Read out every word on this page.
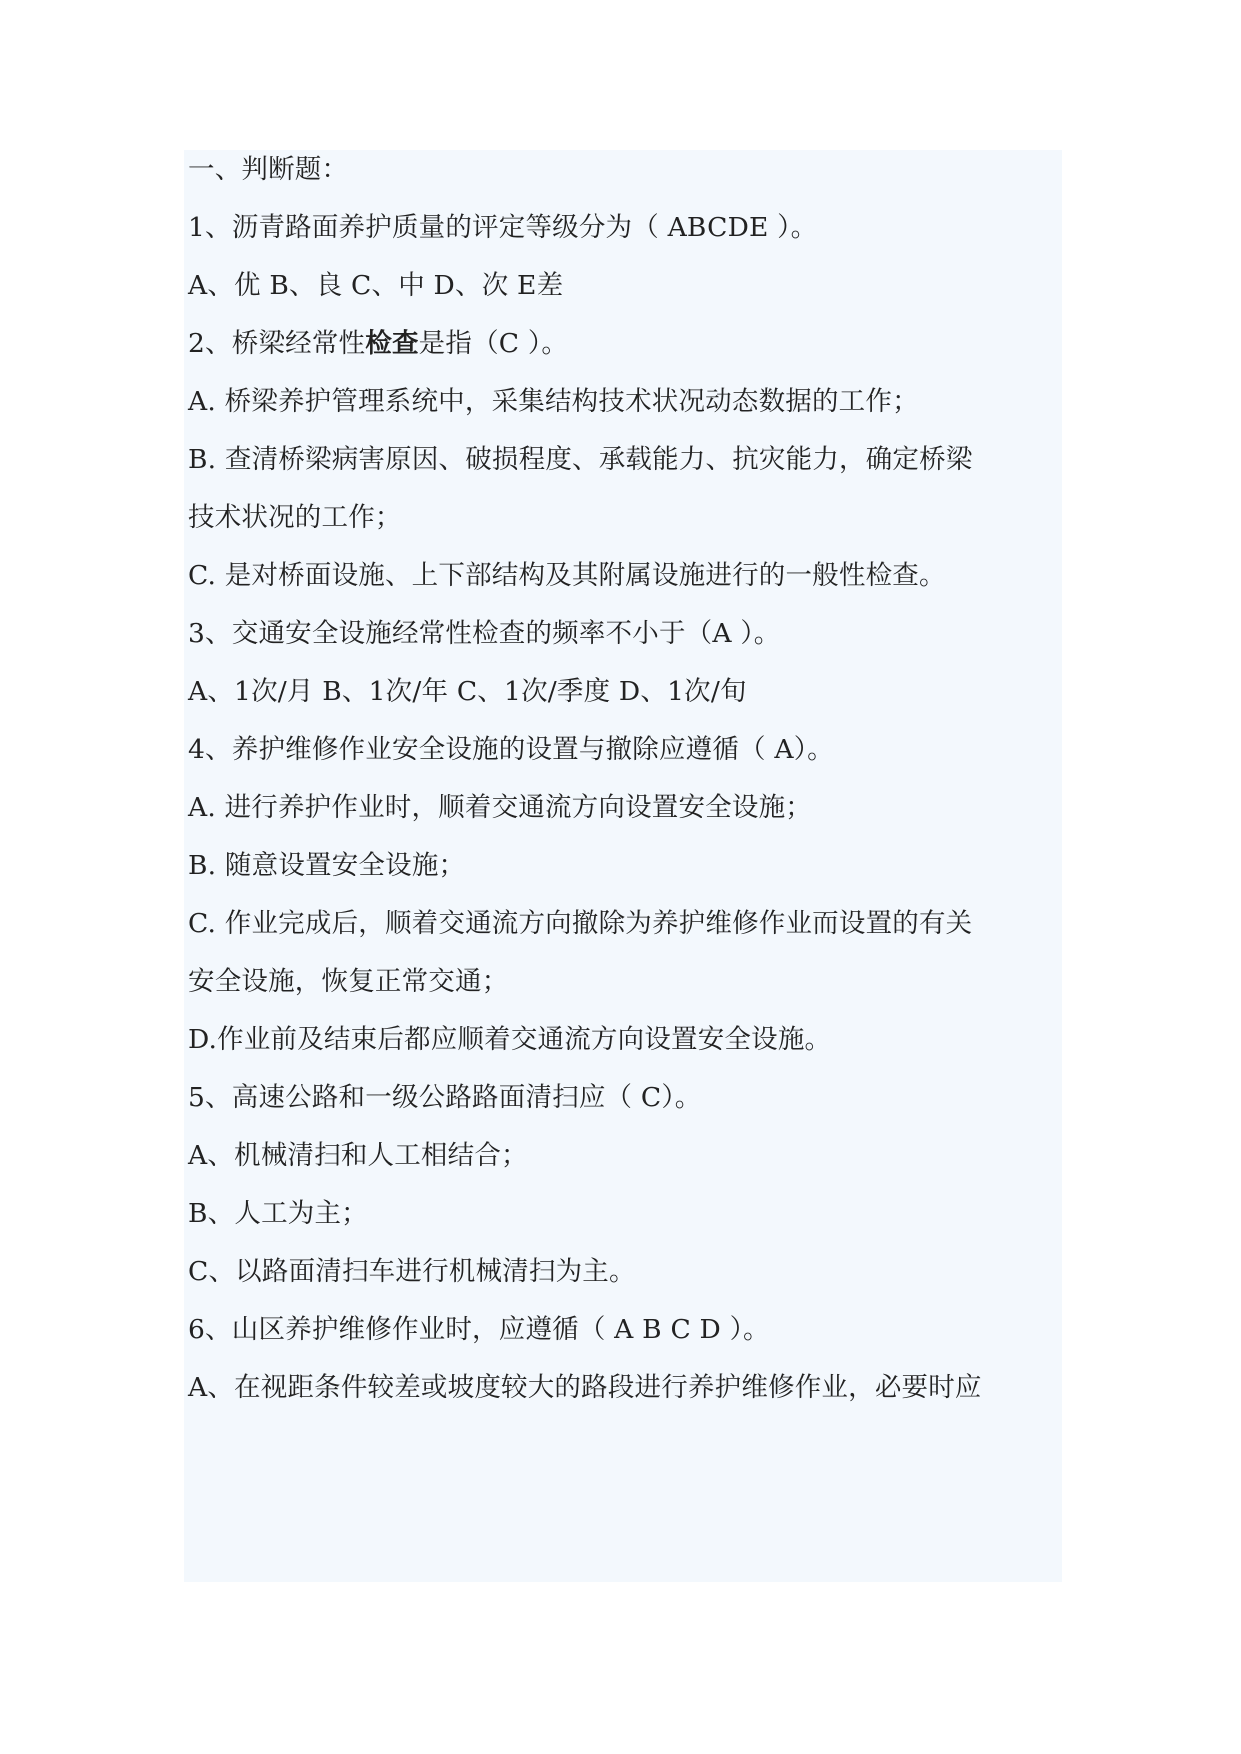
一、判断题：

1、沥青路面养护质量的评定等级分为（ ABCDE ）。

A、优 B、良 C、中 D、次 E差

2、桥梁经常性检查是指（C ）。

A. 桥梁养护管理系统中，采集结构技术状况动态数据的工作；

B. 查清桥梁病害原因、破损程度、承载能力、抗灾能力，确定桥梁

技术状况的工作；

C. 是对桥面设施、上下部结构及其附属设施进行的一般性检查。

3、交通安全设施经常性检查的频率不小于（A ）。

A、1次/月 B、1次/年 C、1次/季度 D、1次/旬

4、养护维修作业安全设施的设置与撤除应遵循（ A）。

A. 进行养护作业时，顺着交通流方向设置安全设施；

B. 随意设置安全设施；

C. 作业完成后，顺着交通流方向撤除为养护维修作业而设置的有关

安全设施，恢复正常交通；

D.作业前及结束后都应顺着交通流方向设置安全设施。

5、高速公路和一级公路路面清扫应（ C）。

A、机械清扫和人工相结合；

B、人工为主；

C、以路面清扫车进行机械清扫为主。

6、山区养护维修作业时，应遵循（ A B C D ）。

A、在视距条件较差或坡度较大的路段进行养护维修作业，必要时应
